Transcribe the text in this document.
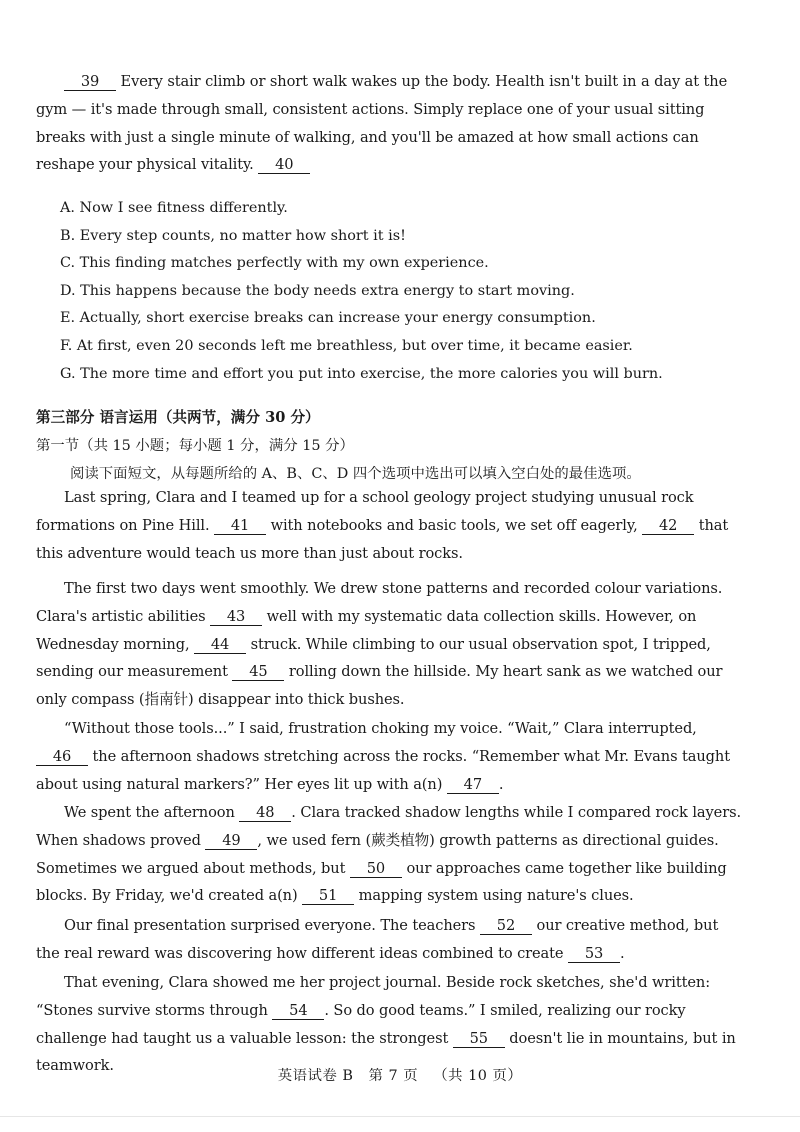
39 Every stair climb or short walk wakes up the body. Health isn't built in a day at the gym — it's made through small, consistent actions. Simply replace one of your usual sitting breaks with just a single minute of walking, and you'll be amazed at how small actions can reshape your physical vitality. 40
A. Now I see fitness differently.
B. Every step counts, no matter how short it is!
C. This finding matches perfectly with my own experience.
D. This happens because the body needs extra energy to start moving.
E. Actually, short exercise breaks can increase your energy consumption.
F. At first, even 20 seconds left me breathless, but over time, it became easier.
G. The more time and effort you put into exercise, the more calories you will burn.
第三部分 语言运用（共两节，满分 30 分）
第一节（共 15 小题；每小题 1 分，满分 15 分）
阅读下面短文，从每题所给的 A、B、C、D 四个选项中选出可以填入空白处的最佳选项。
Last spring, Clara and I teamed up for a school geology project studying unusual rock formations on Pine Hill. 41 with notebooks and basic tools, we set off eagerly, 42 that this adventure would teach us more than just about rocks.
The first two days went smoothly. We drew stone patterns and recorded colour variations. Clara's artistic abilities 43 well with my systematic data collection skills. However, on Wednesday morning, 44 struck. While climbing to our usual observation spot, I tripped, sending our measurement 45 rolling down the hillside. My heart sank as we watched our only compass (指南针) disappear into thick bushes.
“Without those tools...” I said, frustration choking my voice. “Wait,” Clara interrupted, 46 the afternoon shadows stretching across the rocks. “Remember what Mr. Evans taught about using natural markers?” Her eyes lit up with a(n) 47 .
We spent the afternoon 48 . Clara tracked shadow lengths while I compared rock layers. When shadows proved 49 , we used fern (蕨类植物) growth patterns as directional guides. Sometimes we argued about methods, but 50 our approaches came together like building blocks. By Friday, we'd created a(n) 51 mapping system using nature's clues.
Our final presentation surprised everyone. The teachers 52 our creative method, but the real reward was discovering how different ideas combined to create 53 .
That evening, Clara showed me her project journal. Beside rock sketches, she'd written: “Stones survive storms through 54 . So do good teams.” I smiled, realizing our rocky challenge had taught us a valuable lesson: the strongest 55 doesn't lie in mountains, but in teamwork.
英语试卷 B 第 7 页 （共 10 页）
